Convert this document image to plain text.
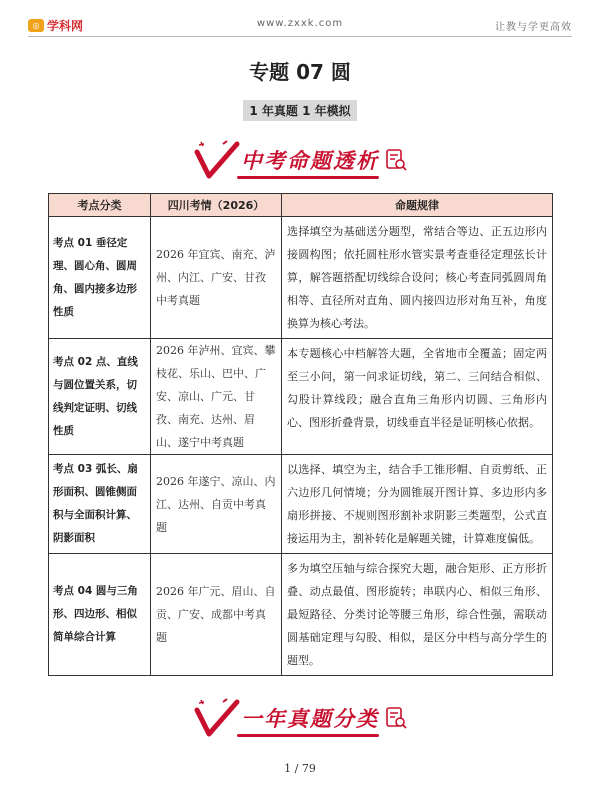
◎ 学科网	www.zxxk.com	让教与学更高效
专题 07 圆
1 年真题 1 年模拟
中考命题透析
考点分类	四川考情（2026）	命题规律
考点 01 垂径定理、圆心角、圆周角、圆内接多边形性质	2026 年宜宾、南充、泸州、内江、广安、甘孜中考真题	选择填空为基础送分题型，常结合等边、正五边形内接圆构图；依托圆柱形水管实景考查垂径定理弦长计算，解答题搭配切线综合设问；核心考查同弧圆周角相等、直径所对直角、圆内接四边形对角互补，角度换算为核心考法。
考点 02 点、直线与圆位置关系，切线判定证明、切线性质	2026 年泸州、宜宾、攀枝花、乐山、巴中、广安、凉山、广元、甘孜、南充、达州、眉山、遂宁中考真题	本专题核心中档解答大题，全省地市全覆盖；固定两至三小问，第一问求证切线，第二、三问结合相似、勾股计算线段；融合直角三角形内切圆、三角形内心、图形折叠背景，切线垂直半径是证明核心依据。
考点 03 弧长、扇形面积、圆锥侧面积与全面积计算、阴影面积	2026 年遂宁、凉山、内江、达州、自贡中考真题	以选择、填空为主，结合手工锥形帽、自贡剪纸、正六边形几何情境；分为圆锥展开图计算、多边形内多扇形拼接、不规则图形割补求阴影三类题型，公式直接运用为主，割补转化是解题关键，计算难度偏低。
考点 04 圆与三角形、四边形、相似简单综合计算	2026 年广元、眉山、自贡、广安、成都中考真题	多为填空压轴与综合探究大题，融合矩形、正方形折叠、动点最值、图形旋转；串联内心、相似三角形、最短路径、分类讨论等腰三角形，综合性强，需联动圆基础定理与勾股、相似，是区分中档与高分学生的题型。
一年真题分类
1 / 79
